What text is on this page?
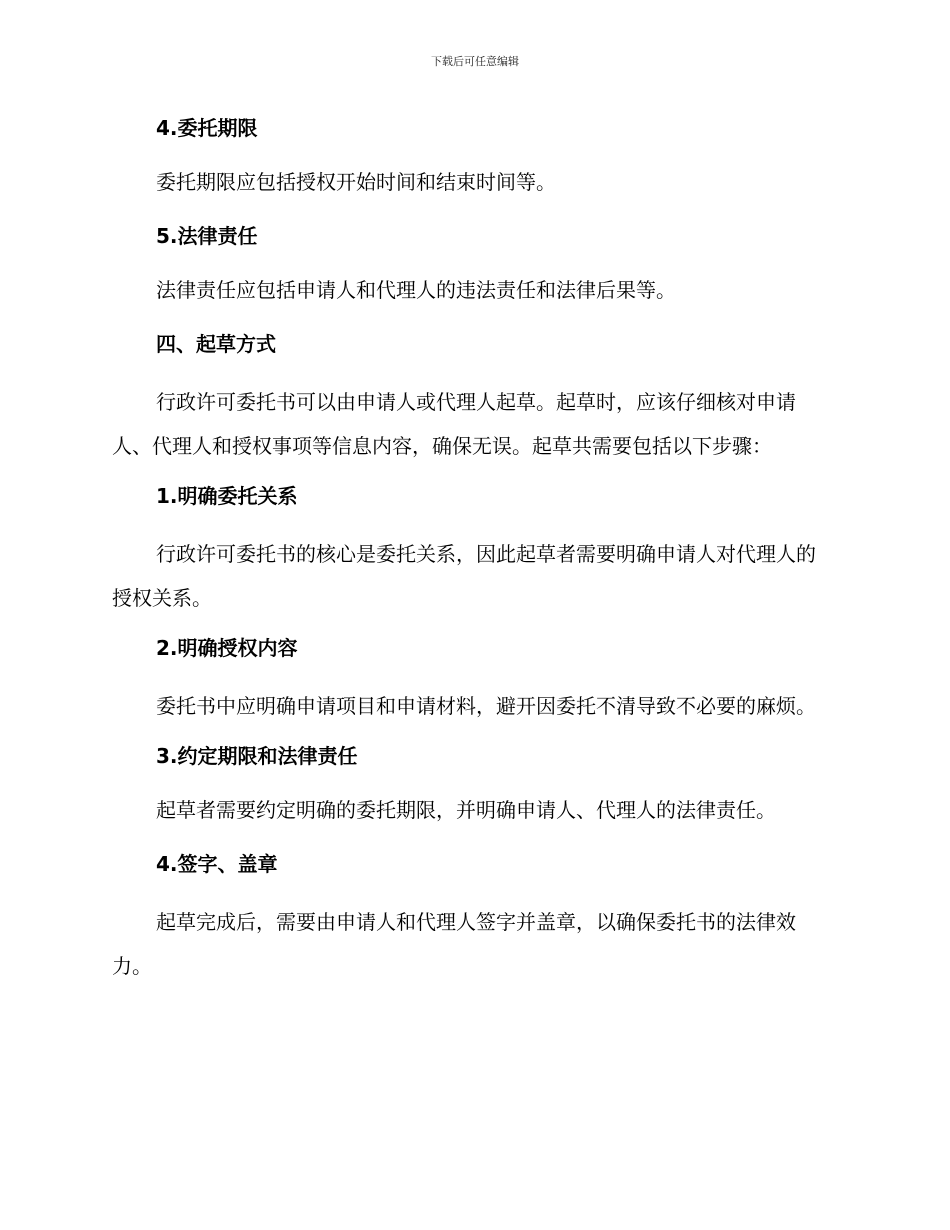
下载后可任意编辑
4.委托期限
委托期限应包括授权开始时间和结束时间等。
5.法律责任
法律责任应包括申请人和代理人的违法责任和法律后果等。
四、起草方式
行政许可委托书可以由申请人或代理人起草。起草时，应该仔细核对申请人、代理人和授权事项等信息内容，确保无误。起草共需要包括以下步骤：
1.明确委托关系
行政许可委托书的核心是委托关系，因此起草者需要明确申请人对代理人的授权关系。
2.明确授权内容
委托书中应明确申请项目和申请材料，避开因委托不清导致不必要的麻烦。
3.约定期限和法律责任
起草者需要约定明确的委托期限，并明确申请人、代理人的法律责任。
4.签字、盖章
起草完成后，需要由申请人和代理人签字并盖章，以确保委托书的法律效力。
